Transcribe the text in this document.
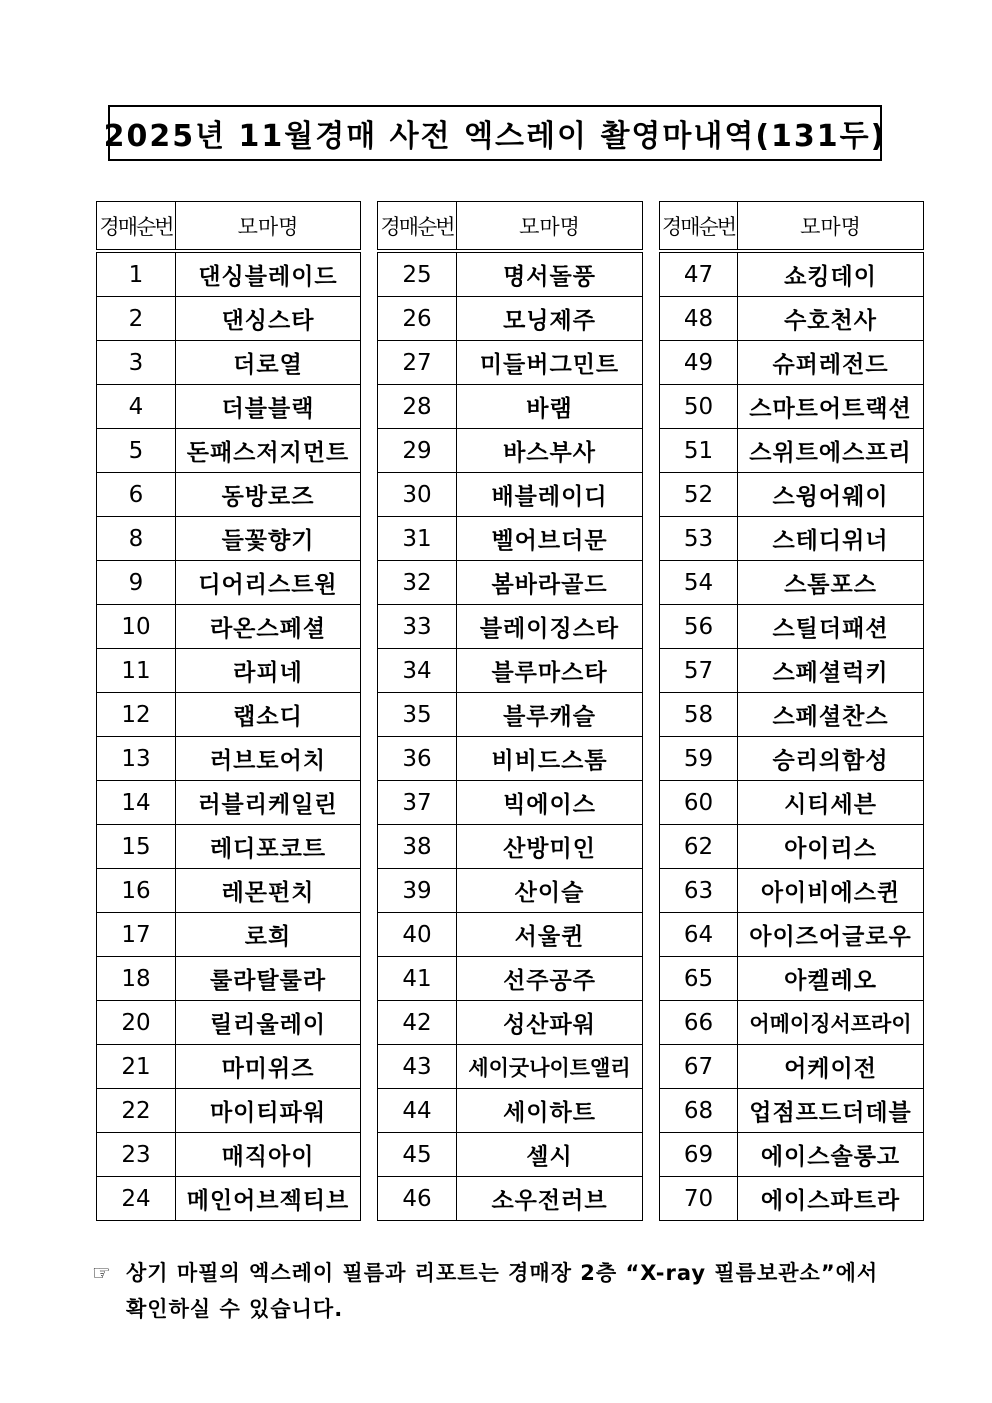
2025년 11월경매 사전 엑스레이 촬영마내역(131두)
경매순번	모마명
1	댄싱블레이드
2	댄싱스타
3	더로열
4	더블블랙
5	돈패스저지먼트
6	동방로즈
8	들꽃향기
9	디어리스트원
10	라온스페셜
11	라피네
12	랩소디
13	러브토어치
14	러블리케일린
15	레디포코트
16	레몬펀치
17	로희
18	룰라탈룰라
20	릴리울레이
21	마미위즈
22	마이티파워
23	매직아이
24	메인어브젝티브
경매순번	모마명
25	명서돌풍
26	모닝제주
27	미들버그민트
28	바램
29	바스부사
30	배블레이디
31	벨어브더문
32	봄바라골드
33	블레이징스타
34	블루마스타
35	블루캐슬
36	비비드스톰
37	빅에이스
38	산방미인
39	산이슬
40	서울퀸
41	선주공주
42	성산파워
43	세이굿나이트앨리
44	세이하트
45	셀시
46	소우전러브
경매순번	모마명
47	쇼킹데이
48	수호천사
49	슈퍼레전드
50	스마트어트랙션
51	스위트에스프리
52	스윙어웨이
53	스테디위너
54	스톰포스
56	스틸더패션
57	스페셜럭키
58	스페셜찬스
59	승리의함성
60	시티세븐
62	아이리스
63	아이비에스퀸
64	아이즈어글로우
65	아켈레오
66	어메이징서프라이
67	어케이전
68	업점프드더데블
69	에이스솔롱고
70	에이스파트라
☞ 상기 마필의 엑스레이 필름과 리포트는 경매장 2층 “X-ray 필름보관소”에서
확인하실 수 있습니다.
